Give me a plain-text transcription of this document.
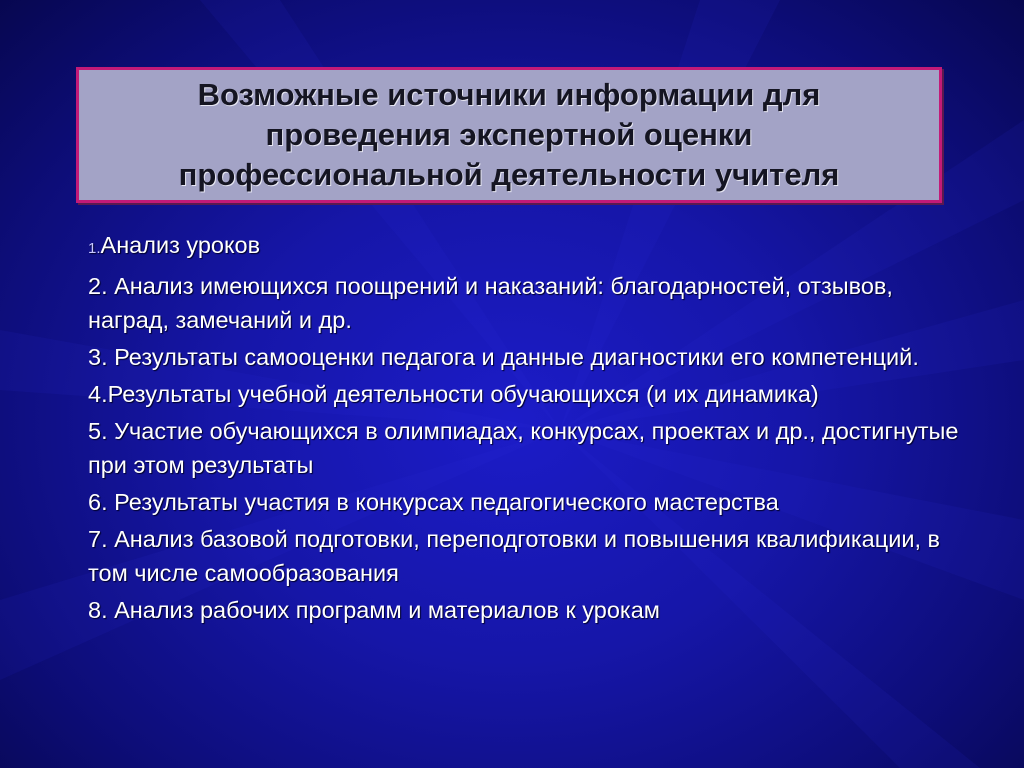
Возможные источники информации для проведения экспертной оценки профессиональной деятельности учителя
1.Анализ уроков
2. Анализ имеющихся поощрений и наказаний: благодарностей, отзывов, наград, замечаний и др.
3. Результаты самооценки педагога и данные диагностики его компетенций.
4.Результаты учебной деятельности обучающихся (и их динамика)
5. Участие обучающихся в олимпиадах, конкурсах, проектах и др., достигнутые при этом результаты
6. Результаты участия в конкурсах педагогического мастерства
7. Анализ базовой подготовки, переподготовки и повышения квалификации, в том числе самообразования
8. Анализ рабочих программ и материалов к урокам
